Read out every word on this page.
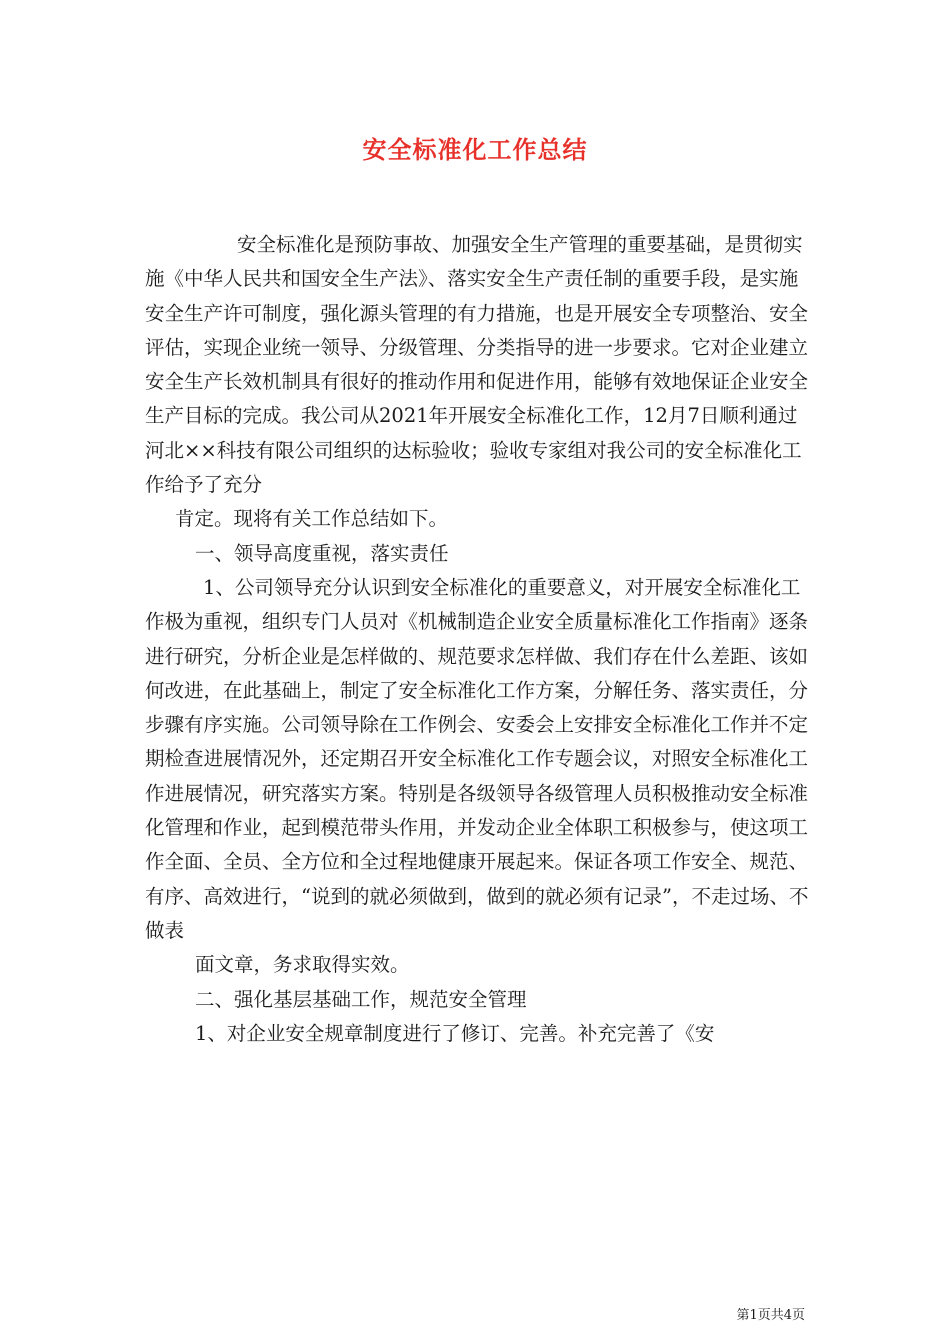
安全标准化工作总结

安全标准化是预防事故、加强安全生产管理的重要基础，是贯彻实施《中华人民共和国安全生产法》、落实安全生产责任制的重要手段，是实施安全生产许可制度，强化源头管理的有力措施，也是开展安全专项整治、安全评估，实现企业统一领导、分级管理、分类指导的进一步要求。它对企业建立安全生产长效机制具有很好的推动作用和促进作用，能够有效地保证企业安全生产目标的完成。我公司从2021年开展安全标准化工作，12月7日顺利通过河北××科技有限公司组织的达标验收；验收专家组对我公司的安全标准化工作给予了充分

肯定。现将有关工作总结如下。

一、领导高度重视，落实责任

1、公司领导充分认识到安全标准化的重要意义，对开展安全标准化工作极为重视，组织专门人员对《机械制造企业安全质量标准化工作指南》逐条进行研究，分析企业是怎样做的、规范要求怎样做、我们存在什么差距、该如何改进，在此基础上，制定了安全标准化工作方案，分解任务、落实责任，分步骤有序实施。公司领导除在工作例会、安委会上安排安全标准化工作并不定期检查进展情况外，还定期召开安全标准化工作专题会议，对照安全标准化工作进展情况，研究落实方案。特别是各级领导各级管理人员积极推动安全标准化管理和作业，起到模范带头作用，并发动企业全体职工积极参与，使这项工作全面、全员、全方位和全过程地健康开展起来。保证各项工作安全、规范、有序、高效进行，“说到的就必须做到，做到的就必须有记录”，不走过场、不做表

面文章，务求取得实效。

二、强化基层基础工作，规范安全管理

1、对企业安全规章制度进行了修订、完善。补充完善了《安

第1页共4页
